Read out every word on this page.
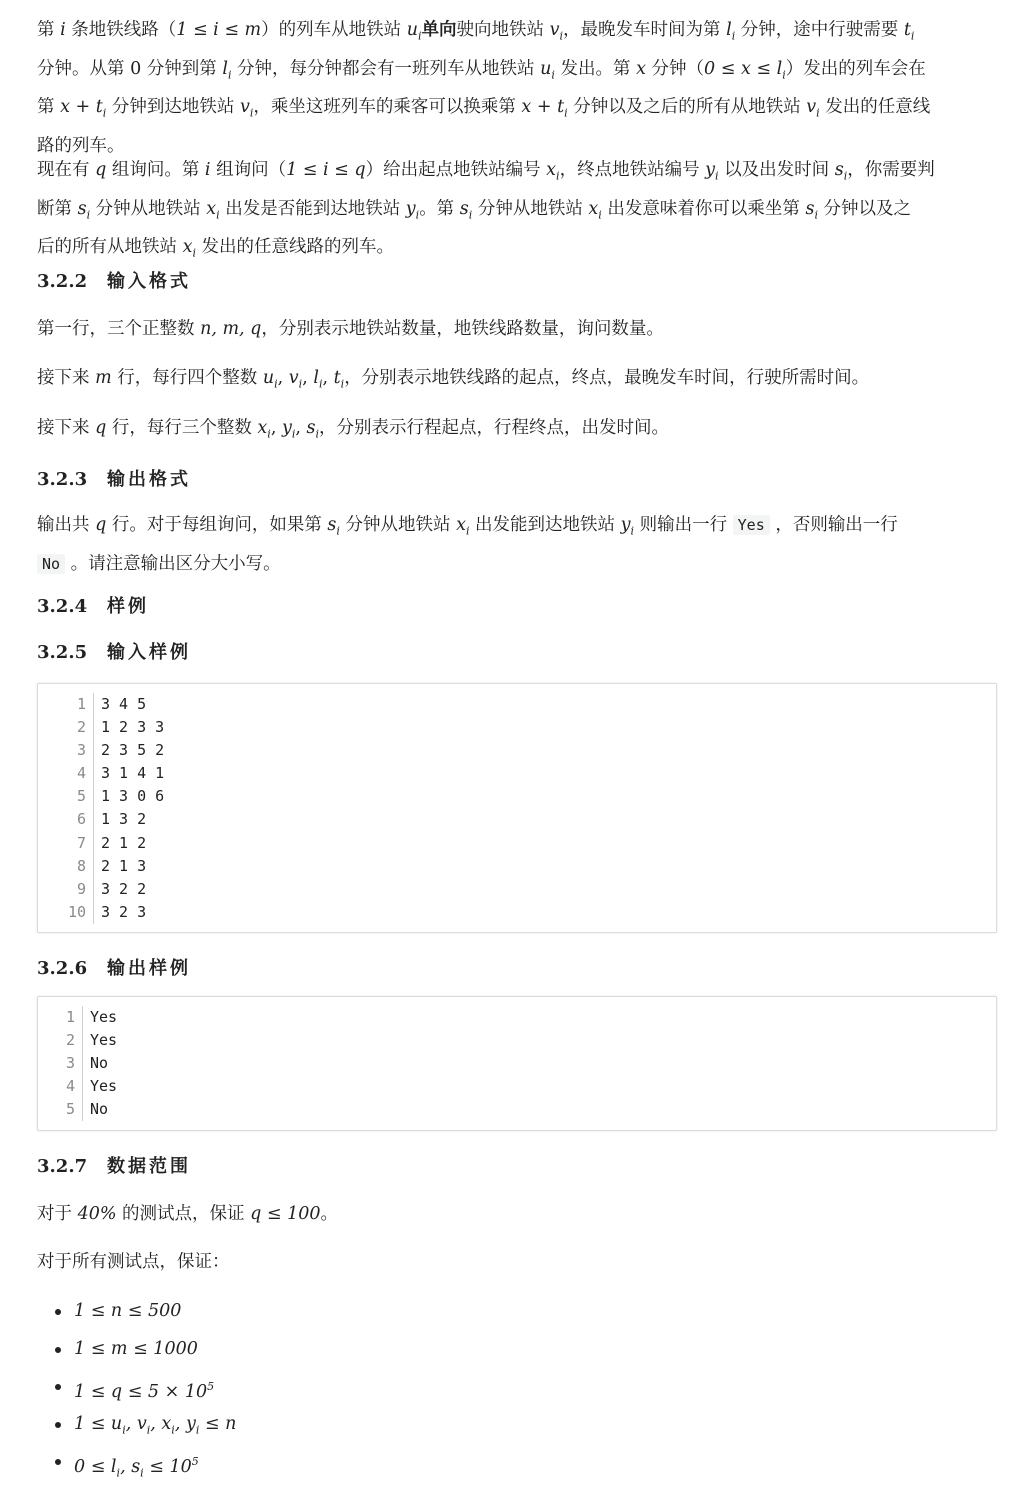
第 i 条地铁线路（1 ≤ i ≤ m）的列车从地铁站 $u_i$单向驶向地铁站 $v_i$，最晚发车时间为第 $l_i$ 分钟，途中行驶需要 $t_i$
分钟。从第 0 分钟到第 $l_i$ 分钟，每分钟都会有一班列车从地铁站 $u_i$ 发出。第 x 分钟$(0 \le x \le l_i)$发出的列车会在
第 $x + t_i$ 分钟到达地铁站 $v_i$，乘坐这班列车的乘客可以换乘第 $x + t_i$ 分钟以及之后的所有从地铁站 $v_i$ 发出的任意线
路的列车。

现在有 q 组询问。第 i 组询问（1 ≤ i ≤ q）给出起点地铁站编号 $x_i$，终点地铁站编号 $y_i$ 以及出发时间 $s_i$，你需要判
断第 $s_i$ 分钟从地铁站 $x_i$ 出发是否能到达地铁站 $y_i$。第 $s_i$ 分钟从地铁站 $x_i$ 出发意味着你可以乘坐第 $s_i$ 分钟以及之
后的所有从地铁站 $x_i$ 发出的任意线路的列车。

3.2.2 输入格式

第一行，三个正整数 n, m, q，分别表示地铁站数量，地铁线路数量，询问数量。

接下来 m 行，每行四个整数 $u_i$, $v_i$, $l_i$, $t_i$，分别表示地铁线路的起点，终点，最晚发车时间，行驶所需时间。

接下来 q 行，每行三个整数 $x_i$, $y_i$, $s_i$，分别表示行程起点，行程终点，出发时间。

3.2.3 输出格式

输出共 q 行。对于每组询问，如果第 $s_i$ 分钟从地铁站 $x_i$ 出发能到达地铁站 $y_i$ 则输出一行 Yes ，否则输出一行
No 。请注意输出区分大小写。

3.2.4 样例
3.2.5 输入样例
1	3 4 5
2	1 2 3 3
3	2 3 5 2
4	3 1 4 1
5	1 3 0 6
6	1 3 2
7	2 1 2
8	2 1 3
9	3 2 2
10	3 2 3
3.2.6 输出样例
1	Yes
2	Yes
3	No
4	Yes
5	No
3.2.7 数据范围

对于 40% 的测试点，保证 q ≤ 100。

对于所有测试点，保证：

1 ≤ n ≤ 500
1 ≤ m ≤ 1000
$1 \le q \le 5 \times 10^5$
$1 \le u_i$, $v_i$, $x_i$, $y_i \le n$
$0 \le l_i$, $s_i \le 10^5$
